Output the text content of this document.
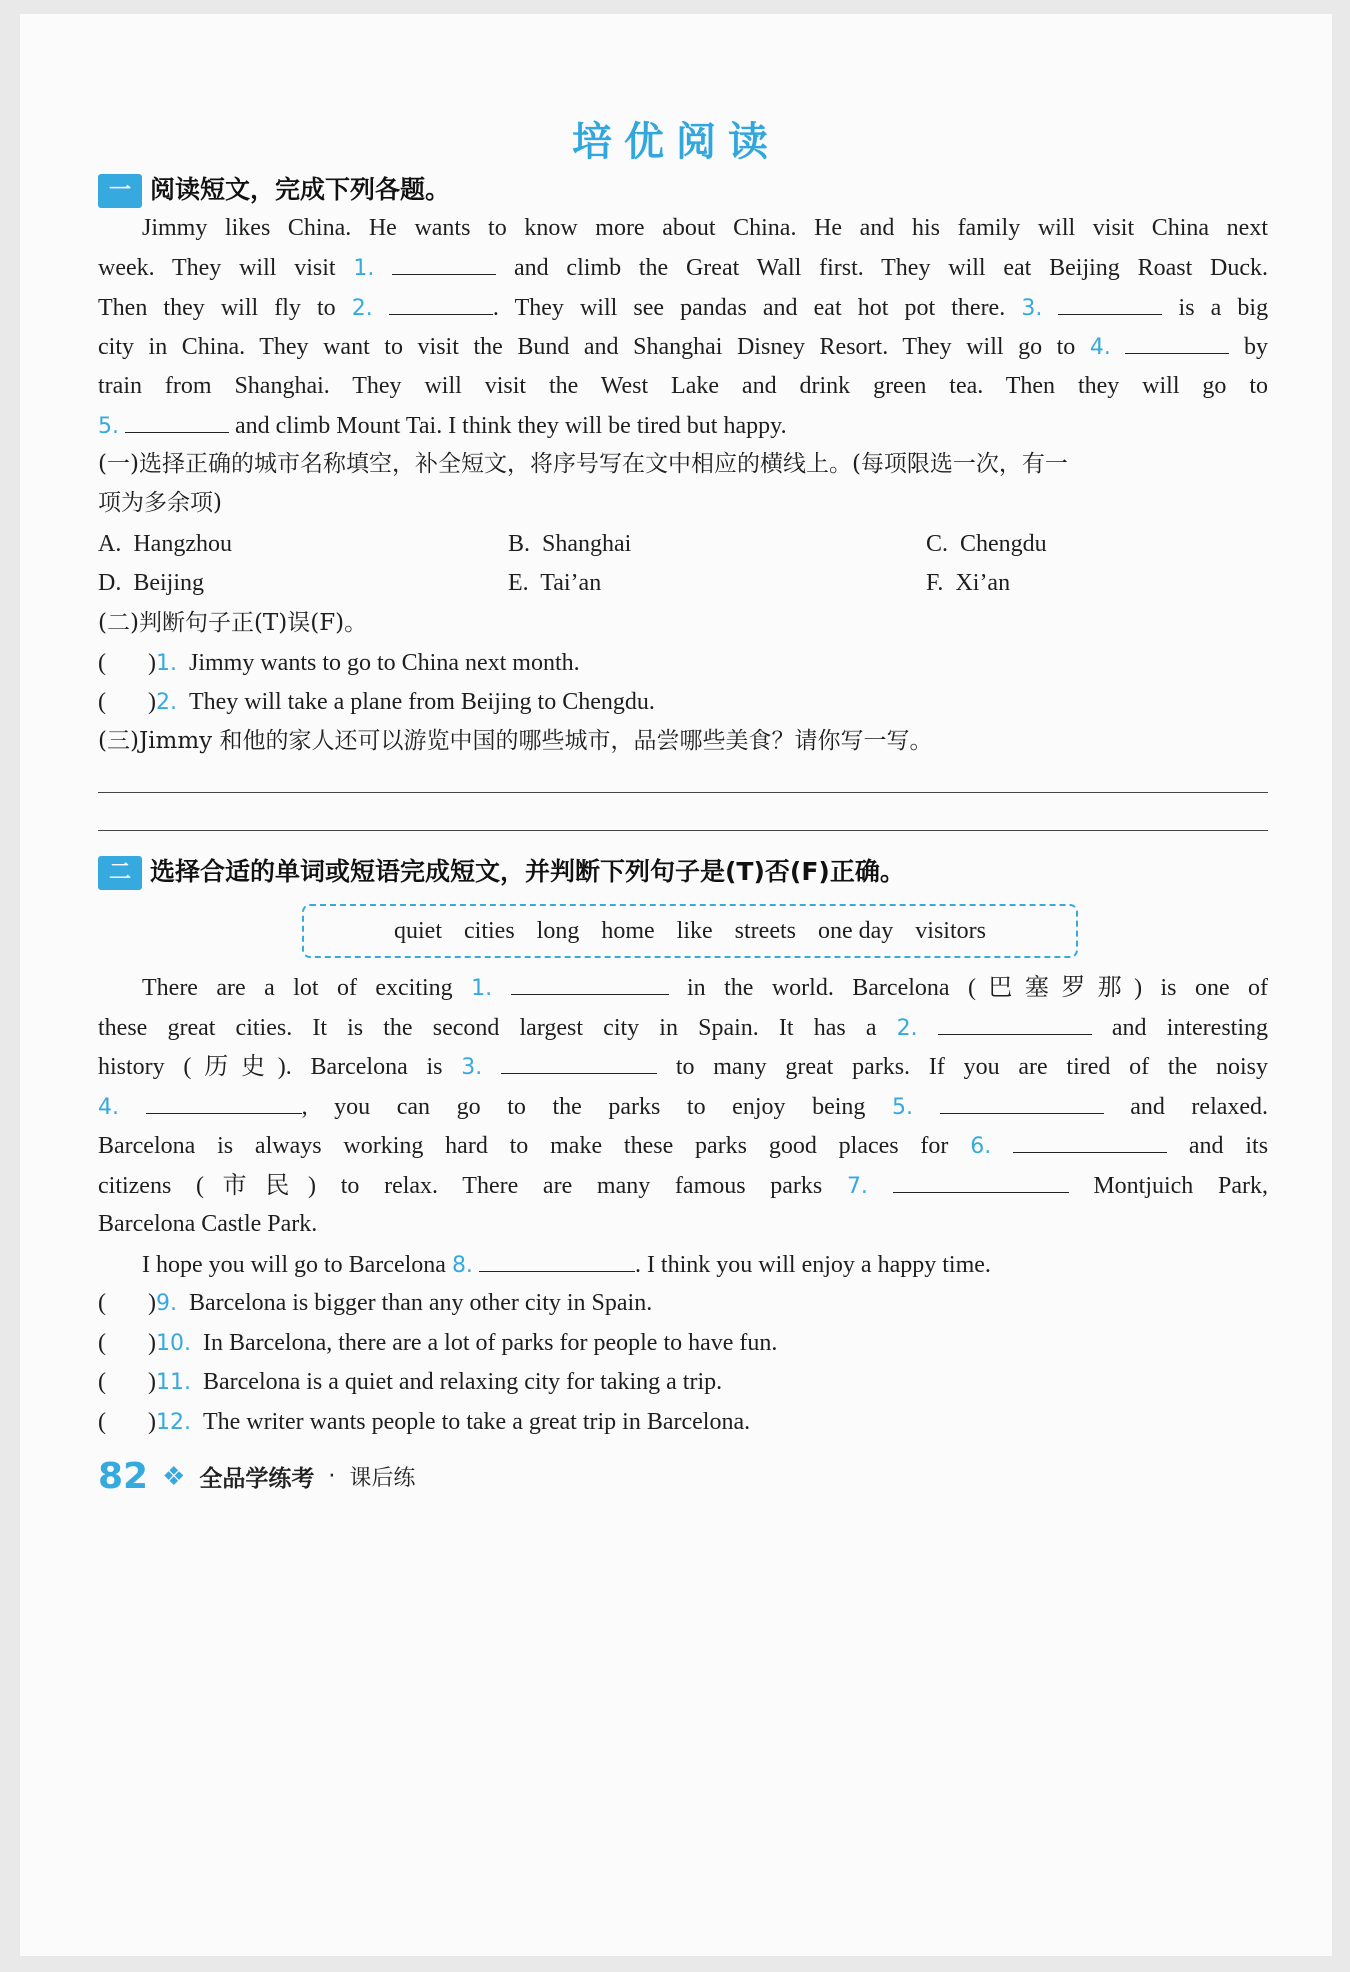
培优阅读
一 阅读短文，完成下列各题。
Jimmy likes China. He wants to know more about China. He and his family will visit China next
week. They will visit 1.	and climb the Great Wall first. They will eat Beijing Roast Duck.
Then they will fly to 2.	. They will see pandas and eat hot pot there. 3.	is a big
city in China. They want to visit the Bund and Shanghai Disney Resort. They will go to 4.	by
train from Shanghai. They will visit the West Lake and drink green tea. Then they will go to
5.	and climb Mount Tai. I think they will be tired but happy.
(一)选择正确的城市名称填空，补全短文，将序号写在文中相应的横线上。(每项限选一次，有一
项为多余项)
A. Hangzhou	B. Shanghai	C. Chengdu
D. Beijing	E. Tai’an	F. Xi’an
(二)判断句子正(T)误(F)。
(       )1. Jimmy wants to go to China next month.
(       )2. They will take a plane from Beijing to Chengdu.
(三)Jimmy 和他的家人还可以游览中国的哪些城市，品尝哪些美食？请你写一写。
二 选择合适的单词或短语完成短文，并判断下列句子是(T)否(F)正确。
quiet cities long home like streets one day visitors
There are a lot of exciting 1.	in the world. Barcelona (巴塞罗那) is one of
these great cities. It is the second largest city in Spain. It has a 2.	and interesting
history (历史). Barcelona is 3.	to many great parks. If you are tired of the noisy
4.	, you can go to the parks to enjoy being 5.	and relaxed.
Barcelona is always working hard to make these parks good places for 6.	and its
citizens (市民) to relax. There are many famous parks 7.	Montjuich Park,
Barcelona Castle Park.
I hope you will go to Barcelona 8.	. I think you will enjoy a happy time.
(       )9. Barcelona is bigger than any other city in Spain.
(       )10. In Barcelona, there are a lot of parks for people to have fun.
(       )11. Barcelona is a quiet and relaxing city for taking a trip.
(       )12. The writer wants people to take a great trip in Barcelona.
82 ❖ 全品学练考 · 课后练
